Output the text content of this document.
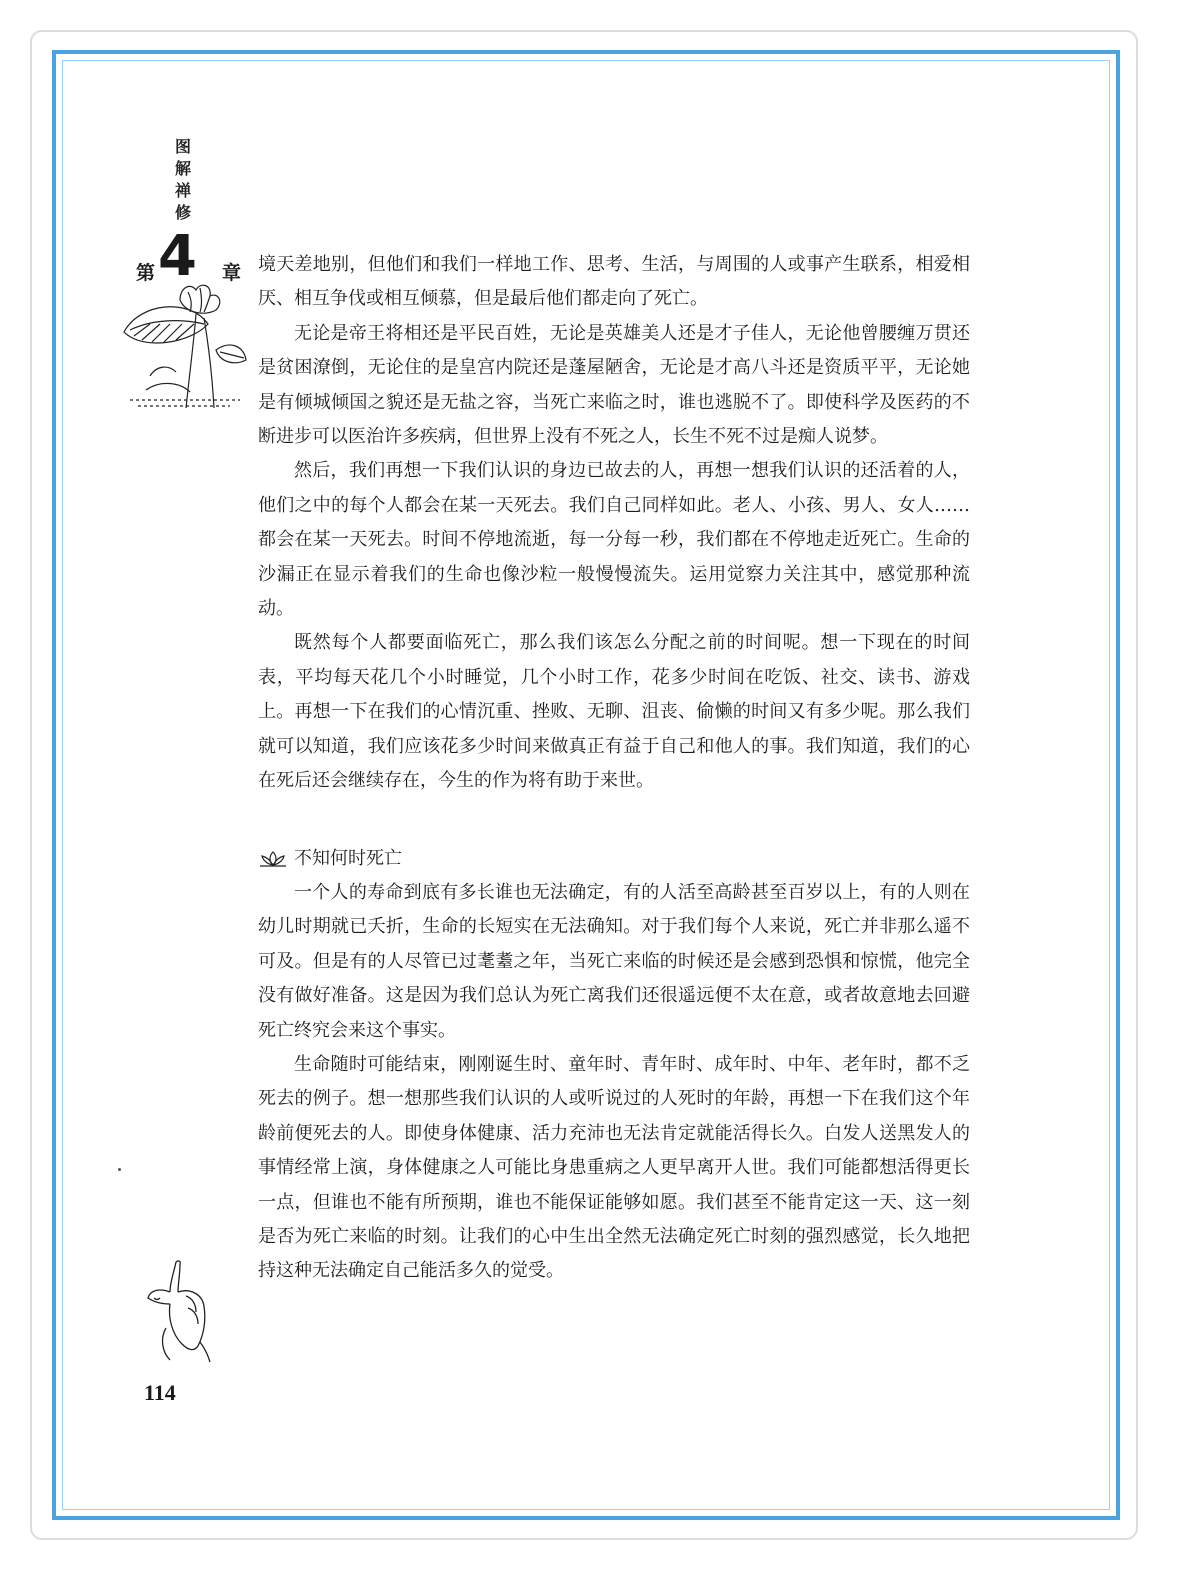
图
解
禅
修
第 4 章 境天差地别，但他们和我们一样地工作、思考、生活，与周围的人或事产生联系，相爱相厌、相互争伐或相互倾慕，但是最后他们都走向了死亡。

无论是帝王将相还是平民百姓，无论是英雄美人还是才子佳人，无论他曾腰缠万贯还是贫困潦倒，无论住的是皇宫内院还是蓬屋陋舍，无论是才高八斗还是资质平平，无论她是有倾城倾国之貌还是无盐之容，当死亡来临之时，谁也逃脱不了。即使科学及医药的不断进步可以医治许多疾病，但世界上没有不死之人，长生不死不过是痴人说梦。

然后，我们再想一下我们认识的身边已故去的人，再想一想我们认识的还活着的人，他们之中的每个人都会在某一天死去。我们自己同样如此。老人、小孩、男人、女人……都会在某一天死去。时间不停地流逝，每一分每一秒，我们都在不停地走近死亡。生命的沙漏正在显示着我们的生命也像沙粒一般慢慢流失。运用觉察力关注其中，感觉那种流动。

既然每个人都要面临死亡，那么我们该怎么分配之前的时间呢。想一下现在的时间表，平均每天花几个小时睡觉，几个小时工作，花多少时间在吃饭、社交、读书、游戏上。再想一下在我们的心情沉重、挫败、无聊、沮丧、偷懒的时间又有多少呢。那么我们就可以知道，我们应该花多少时间来做真正有益于自己和他人的事。我们知道，我们的心在死后还会继续存在，今生的作为将有助于来世。

不知何时死亡

一个人的寿命到底有多长谁也无法确定，有的人活至高龄甚至百岁以上，有的人则在幼儿时期就已夭折，生命的长短实在无法确知。对于我们每个人来说，死亡并非那么遥不可及。但是有的人尽管已过耄耋之年，当死亡来临的时候还是会感到恐惧和惊慌，他完全没有做好准备。这是因为我们总认为死亡离我们还很遥远便不太在意，或者故意地去回避死亡终究会来这个事实。

生命随时可能结束，刚刚诞生时、童年时、青年时、成年时、中年、老年时，都不乏死去的例子。想一想那些我们认识的人或听说过的人死时的年龄，再想一下在我们这个年龄前便死去的人。即使身体健康、活力充沛也无法肯定就能活得长久。白发人送黑发人的事情经常上演，身体健康之人可能比身患重病之人更早离开人世。我们可能都想活得更长一点，但谁也不能有所预期，谁也不能保证能够如愿。我们甚至不能肯定这一天、这一刻是否为死亡来临的时刻。让我们的心中生出全然无法确定死亡时刻的强烈感觉，长久地把持这种无法确定自己能活多久的觉受。

114
